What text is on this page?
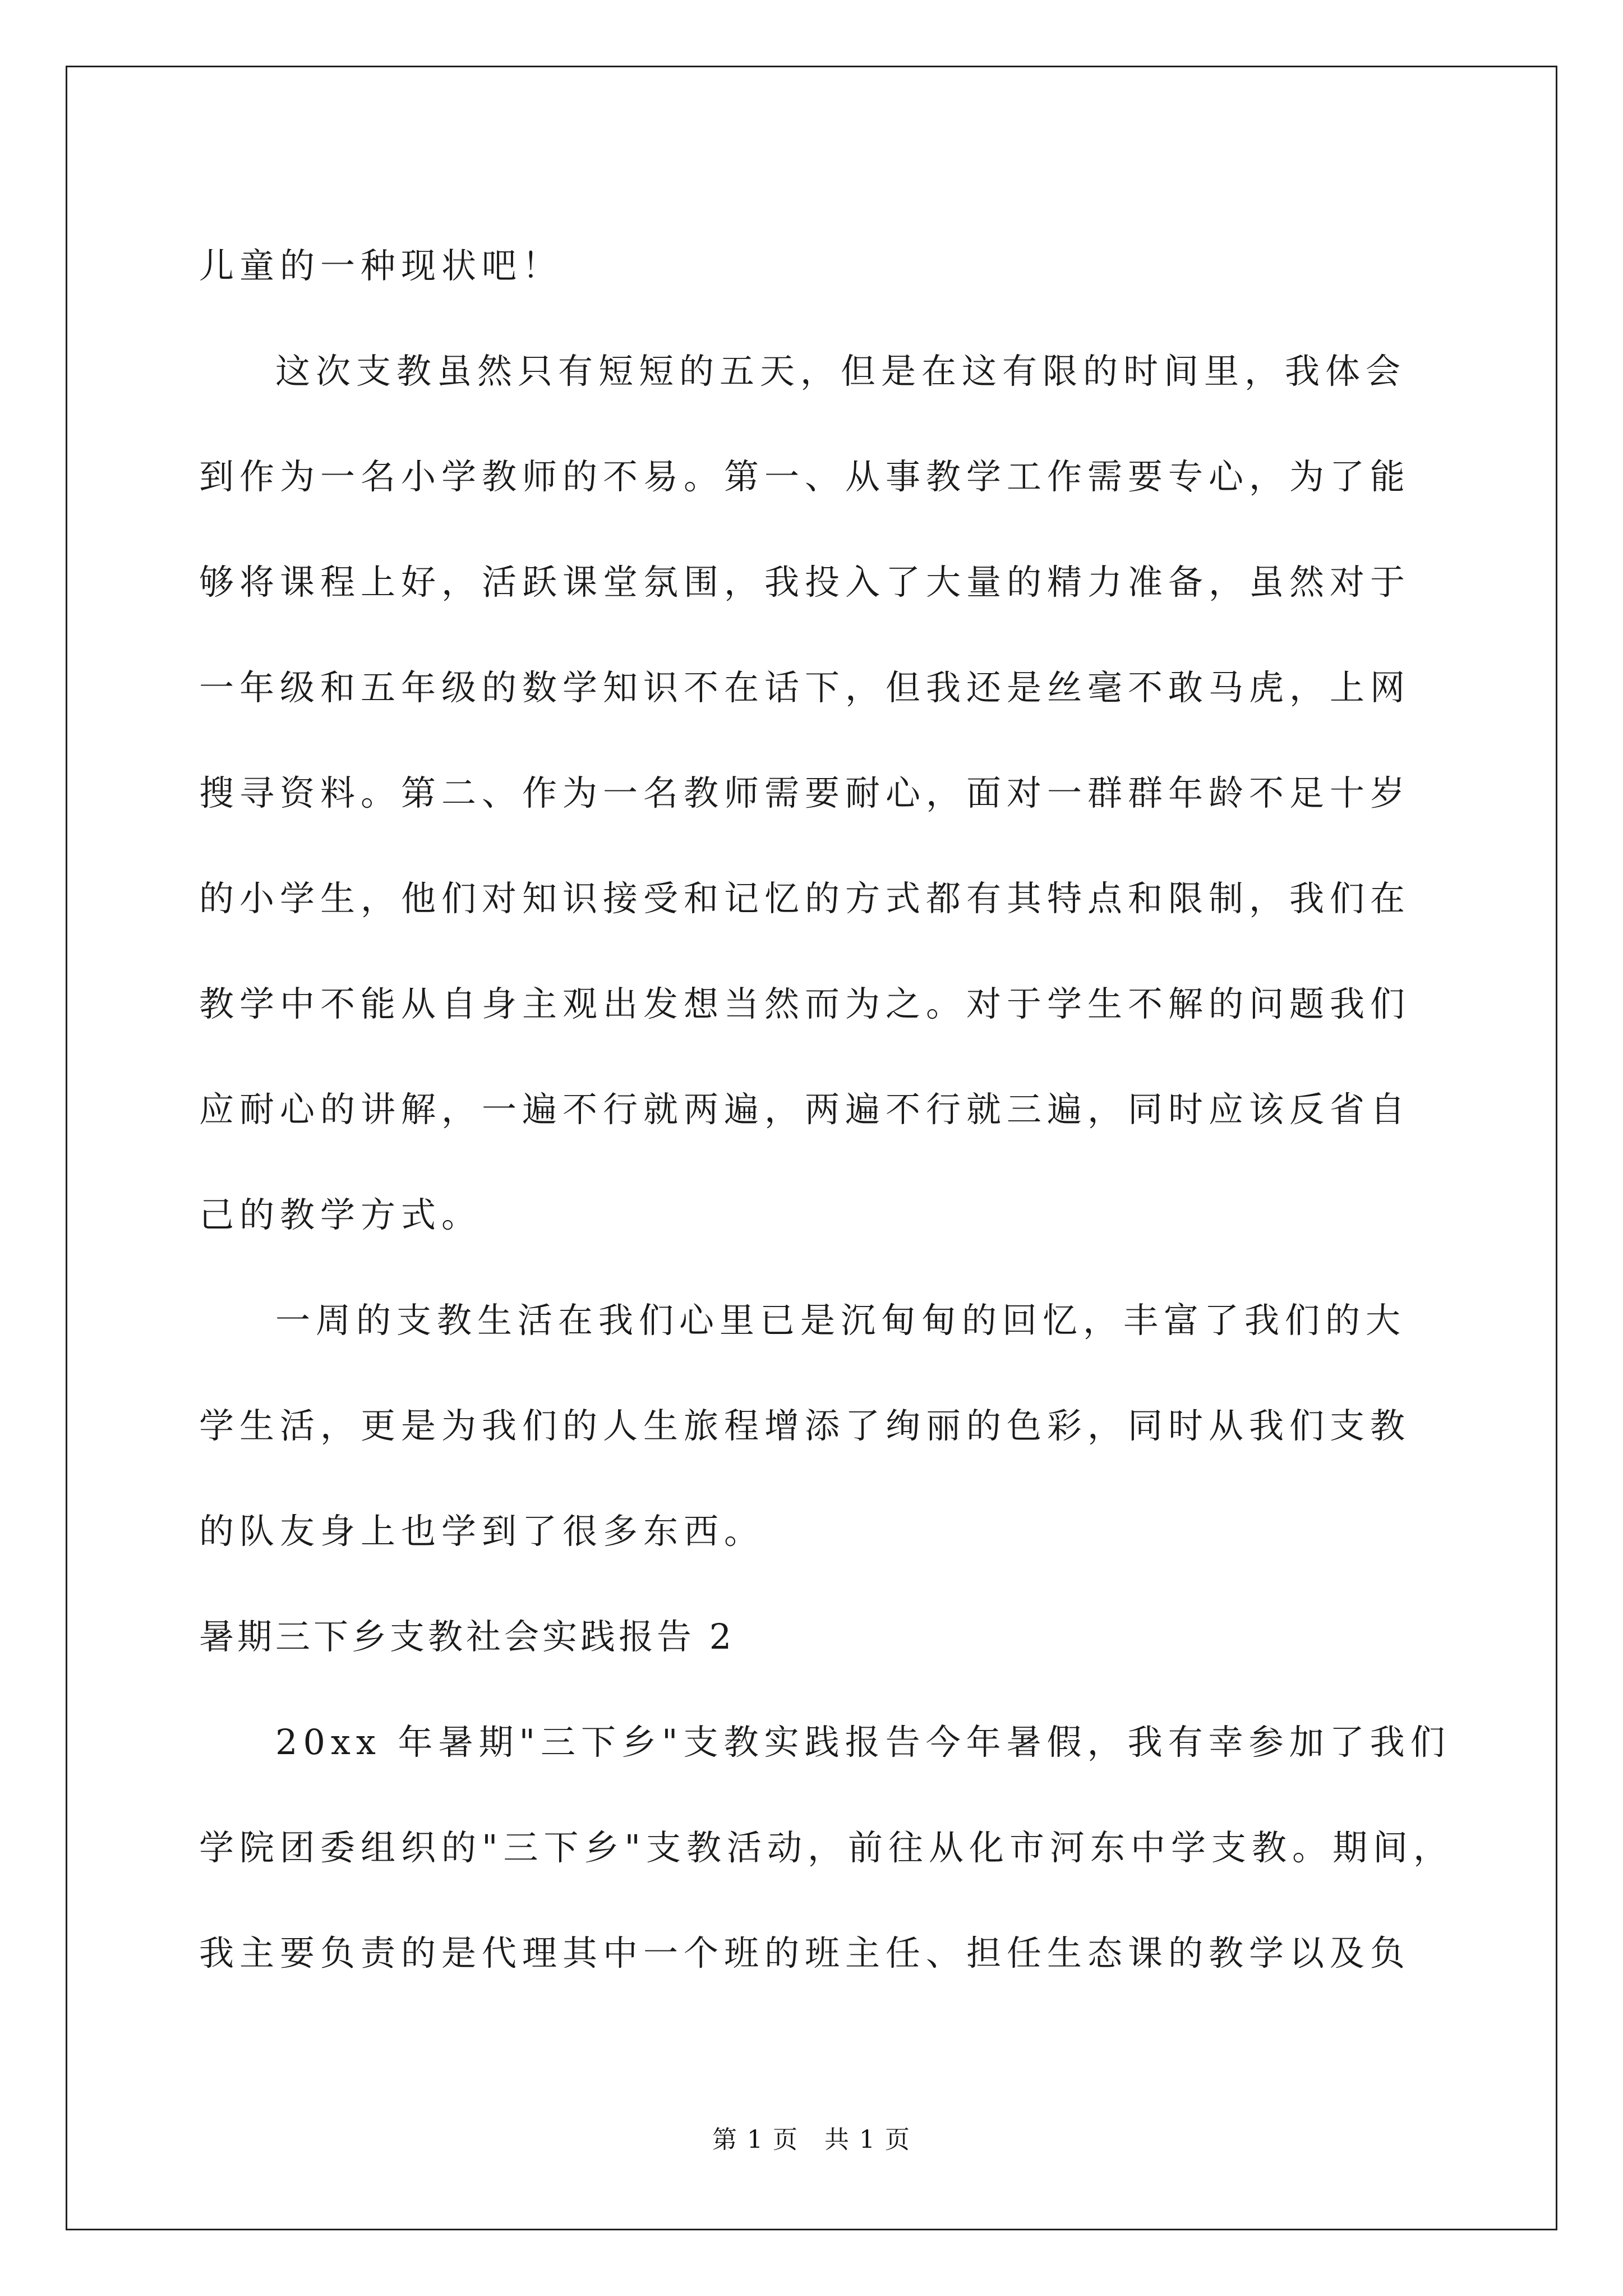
儿童的一种现状吧！
这次支教虽然只有短短的五天，但是在这有限的时间里，我体会
到作为一名小学教师的不易。第一、从事教学工作需要专心，为了能
够将课程上好，活跃课堂氛围，我投入了大量的精力准备，虽然对于
一年级和五年级的数学知识不在话下，但我还是丝毫不敢马虎，上网
搜寻资料。第二、作为一名教师需要耐心，面对一群群年龄不足十岁
的小学生，他们对知识接受和记忆的方式都有其特点和限制，我们在
教学中不能从自身主观出发想当然而为之。对于学生不解的问题我们
应耐心的讲解，一遍不行就两遍，两遍不行就三遍，同时应该反省自
己的教学方式。
一周的支教生活在我们心里已是沉甸甸的回忆，丰富了我们的大
学生活，更是为我们的人生旅程增添了绚丽的色彩，同时从我们支教
的队友身上也学到了很多东西。
暑期三下乡支教社会实践报告 2
20xx 年暑期"三下乡"支教实践报告今年暑假，我有幸参加了我们
学院团委组织的"三下乡"支教活动，前往从化市河东中学支教。期间，
我主要负责的是代理其中一个班的班主任、担任生态课的教学以及负
第 1 页　共 1 页
